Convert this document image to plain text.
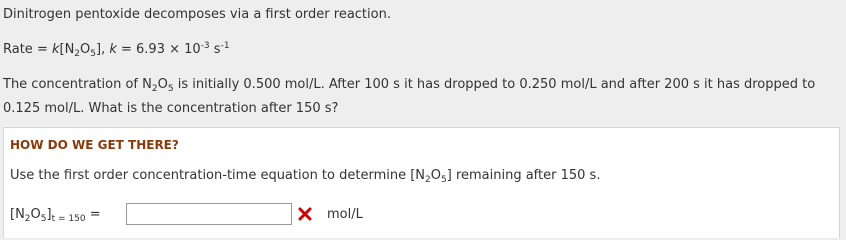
Dinitrogen pentoxide decomposes via a first order reaction.
Rate = $k[N_2O_5]$, $k = 6.93 \times 10^{-3}$ $s^{-1}$
The concentration of $N_2O_5$ is initially 0.500 mol/L. After 100 s it has dropped to 0.250 mol/L and after 200 s it has dropped to
0.125 mol/L. What is the concentration after 150 s?
HOW DO WE GET THERE?
Use the first order concentration-time equation to determine $[N_2O_5]$ remaining after 150 s.
$[N_2O_5]_{t = 150}$ =	mol/L
